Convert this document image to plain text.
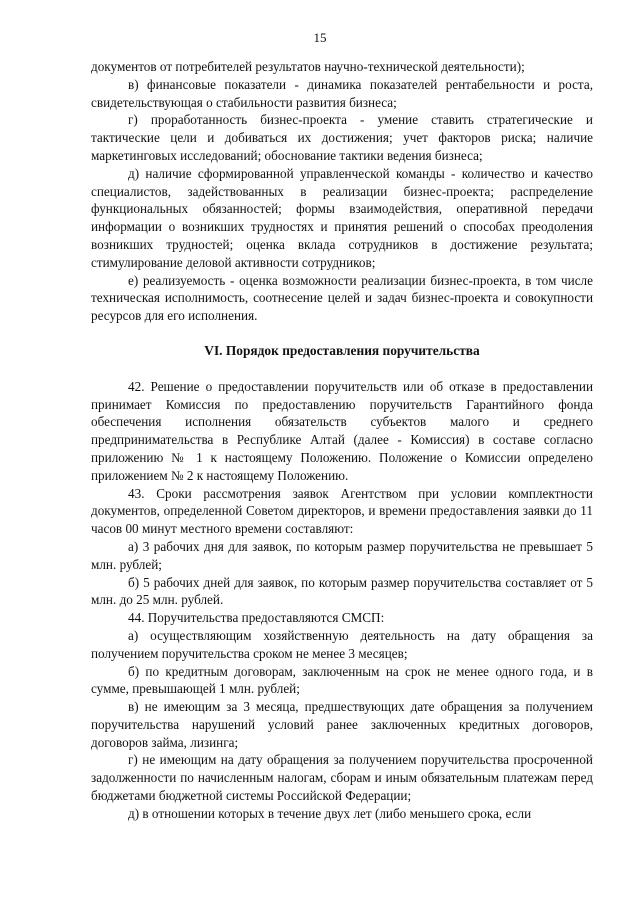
15

документов от потребителей результатов научно-технической деятельности);

в) финансовые показатели - динамика показателей рентабельности и роста, свидетельствующая о стабильности развития бизнеса;

г) проработанность бизнес-проекта - умение ставить стратегические и тактические цели и добиваться их достижения; учет факторов риска; наличие маркетинговых исследований; обоснование тактики ведения бизнеса;

д) наличие сформированной управленческой команды - количество и качество специалистов, задействованных в реализации бизнес-проекта; распределение функциональных обязанностей; формы взаимодействия, оперативной передачи информации о возникших трудностях и принятия решений о способах преодоления возникших трудностей; оценка вклада сотрудников в достижение результата; стимулирование деловой активности сотрудников;

е) реализуемость - оценка возможности реализации бизнес-проекта, в том числе техническая исполнимость, соотнесение целей и задач бизнес-проекта и совокупности ресурсов для его исполнения.

VI. Порядок предоставления поручительства

42. Решение о предоставлении поручительств или об отказе в предоставлении принимает Комиссия по предоставлению поручительств Гарантийного фонда обеспечения исполнения обязательств субъектов малого и среднего предпринимательства в Республике Алтай (далее - Комиссия) в составе согласно приложению № 1 к настоящему Положению. Положение о Комиссии определено приложением № 2 к настоящему Положению.

43. Сроки рассмотрения заявок Агентством при условии комплектности документов, определенной Советом директоров, и времени предоставления заявки до 11 часов 00 минут местного времени составляют:

а) 3 рабочих дня для заявок, по которым размер поручительства не превышает 5 млн. рублей;

б) 5 рабочих дней для заявок, по которым размер поручительства составляет от 5 млн. до 25 млн. рублей.

44. Поручительства предоставляются СМСП:

а) осуществляющим хозяйственную деятельность на дату обращения за получением поручительства сроком не менее 3 месяцев;

б) по кредитным договорам, заключенным на срок не менее одного года, и в сумме, превышающей 1 млн. рублей;

в) не имеющим за 3 месяца, предшествующих дате обращения за получением поручительства нарушений условий ранее заключенных кредитных договоров, договоров займа, лизинга;

г) не имеющим на дату обращения за получением поручительства просроченной задолженности по начисленным налогам, сборам и иным обязательным платежам перед бюджетами бюджетной системы Российской Федерации;

д) в отношении которых в течение двух лет (либо меньшего срока, если
